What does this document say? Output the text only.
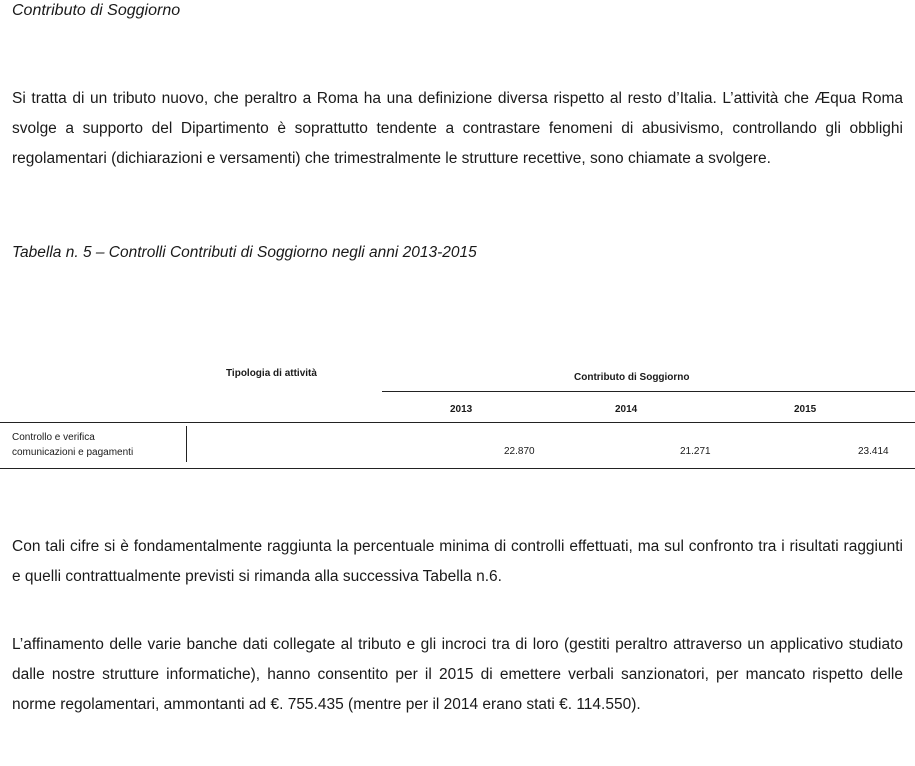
Contributo di Soggiorno

Si tratta di un tributo nuovo, che peraltro a Roma ha una definizione diversa rispetto al resto d’Italia. L’attività che Æqua Roma svolge a supporto del Dipartimento è soprattutto tendente a contrastare fenomeni di abusivismo, controllando gli obblighi regolamentari (dichiarazioni e versamenti) che trimestralmente le strutture recettive, sono chiamate a svolgere.

Tabella n. 5 – Controlli Contributi di Soggiorno negli anni 2013-2015

Tipologia di attività	Contributo di Soggiorno
2013	2014	2015
Controllo e verifica
comunicazioni e pagamenti	22.870	21.271	23.414

Con tali cifre si è fondamentalmente raggiunta la percentuale minima di controlli effettuati, ma sul confronto tra i risultati raggiunti e quelli contrattualmente previsti si rimanda alla successiva Tabella n.6.

L’affinamento delle varie banche dati collegate al tributo e gli incroci tra di loro (gestiti peraltro attraverso un applicativo studiato dalle nostre strutture informatiche), hanno consentito per il 2015 di emettere verbali sanzionatori, per mancato rispetto delle norme regolamentari, ammontanti ad €. 755.435 (mentre per il 2014 erano stati €. 114.550).
